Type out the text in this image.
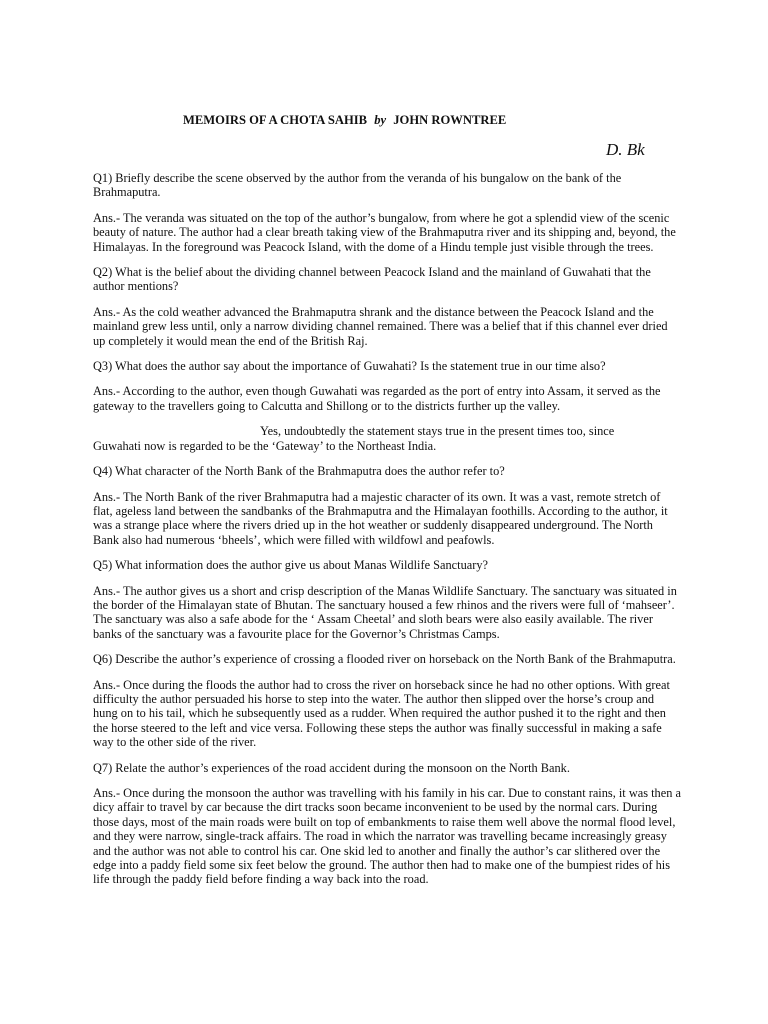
MEMOIRS OF A CHOTA SAHIB by JOHN ROWNTREE
D. Bk

Q1) Briefly describe the scene observed by the author from the veranda of his bungalow on the bank of the Brahmaputra.

Ans.- The veranda was situated on the top of the author’s bungalow, from where he got a splendid view of the scenic beauty of nature. The author had a clear breath taking view of the Brahmaputra river and its shipping and, beyond, the Himalayas. In the foreground was Peacock Island, with the dome of a Hindu temple just visible through the trees.

Q2) What is the belief about the dividing channel between Peacock Island and the mainland of Guwahati that the author mentions?

Ans.- As the cold weather advanced the Brahmaputra shrank and the distance between the Peacock Island and the mainland grew less until, only a narrow dividing channel remained. There was a belief that if this channel ever dried up completely it would mean the end of the British Raj.

Q3) What does the author say about the importance of Guwahati? Is the statement true in our time also?

Ans.- According to the author, even though Guwahati was regarded as the port of entry into Assam, it served as the gateway to the travellers going to Calcutta and Shillong or to the districts further up the valley.

Yes, undoubtedly the statement stays true in the present times too, since
Guwahati now is regarded to be the ‘Gateway’ to the Northeast India.

Q4) What character of the North Bank of the Brahmaputra does the author refer to?

Ans.- The North Bank of the river Brahmaputra had a majestic character of its own. It was a vast, remote stretch of flat, ageless land between the sandbanks of the Brahmaputra and the Himalayan foothills. According to the author, it was a strange place where the rivers dried up in the hot weather or suddenly disappeared underground. The North Bank also had numerous ‘bheels’, which were filled with wildfowl and peafowls.

Q5) What information does the author give us about Manas Wildlife Sanctuary?

Ans.- The author gives us a short and crisp description of the Manas Wildlife Sanctuary. The sanctuary was situated in the border of the Himalayan state of Bhutan. The sanctuary housed a few rhinos and the rivers were full of ‘mahseer’. The sanctuary was also a safe abode for the ‘ Assam Cheetal’ and sloth bears were also easily available. The river banks of the sanctuary was a favourite place for the Governor’s Christmas Camps.

Q6) Describe the author’s experience of crossing a flooded river on horseback on the North Bank of the Brahmaputra.

Ans.- Once during the floods the author had to cross the river on horseback since he had no other options. With great difficulty the author persuaded his horse to step into the water. The author then slipped over the horse’s croup and hung on to his tail, which he subsequently used as a rudder. When required the author pushed it to the right and then the horse steered to the left and vice versa. Following these steps the author was finally successful in making a safe way to the other side of the river.

Q7) Relate the author’s experiences of the road accident during the monsoon on the North Bank.

Ans.- Once during the monsoon the author was travelling with his family in his car. Due to constant rains, it was then a dicy affair to travel by car because the dirt tracks soon became inconvenient to be used by the normal cars. During those days, most of the main roads were built on top of embankments to raise them well above the normal flood level, and they were narrow, single-track affairs. The road in which the narrator was travelling became increasingly greasy and the author was not able to control his car. One skid led to another and finally the author’s car slithered over the edge into a paddy field some six feet below the ground. The author then had to make one of the bumpiest rides of his life through the paddy field before finding a way back into the road.
